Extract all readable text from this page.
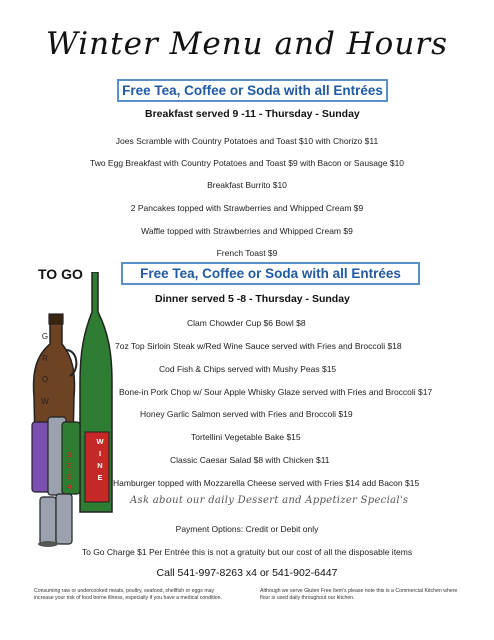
Winter Menu and Hours
Free Tea, Coffee or Soda with all Entrées
Breakfast served 9 -11 - Thursday - Sunday
Joes Scramble with Country Potatoes and Toast $10 with Chorizo $11
Two Egg Breakfast with Country Potatoes and Toast $9 with Bacon or Sausage $10
Breakfast Burrito $10
2 Pancakes topped with Strawberries and Whipped Cream $9
Waffle topped with Strawberries and Whipped Cream $9
French Toast $9
TO GO	Free Tea, Coffee or Soda with all Entrées
Dinner served 5 -8 - Thursday - Sunday
Clam Chowder Cup $6 Bowl $8
7oz Top Sirloin Steak w/Red Wine Sauce served with Fries and Broccoli $18
Cod Fish & Chips served with Mushy Peas $15
Bone-in Pork Chop w/ Sour Apple Whisky Glaze served with Fries and Broccoli $17
Honey Garlic Salmon served with Fries and Broccoli $19
Tortellini Vegetable Bake $15
Classic Caesar Salad $8 with Chicken $11
Hamburger topped with Mozzarella Cheese served with Fries $14 add Bacon $15
Ask about our daily Dessert and Appetizer Special's
Payment Options: Credit or Debit only
To Go Charge $1 Per Entrée this is not a gratuity but our cost of all the disposable items
Call 541-997-8263 x4 or 541-902-6447
Consuming raw or undercooked meats, poultry, seafood, shellfish or eggs may increase your risk of food borne illness, especially if you have a medical condition.
Although we serve Gluten Free Item's please note this is a Commercial Kitchen where flour is used daily throughout our kitchen.
G
R
O
W
W
I
N
E
B
E
E
R
